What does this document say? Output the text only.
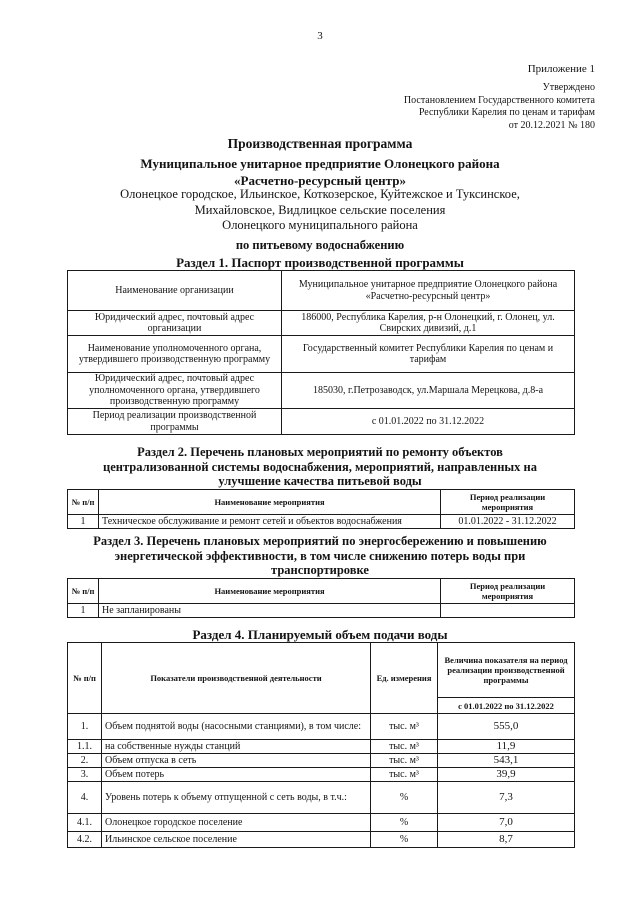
3
Приложение 1
Утверждено
Постановлением Государственного комитета
Республики Карелия по ценам и тарифам
от 20.12.2021 № 180
Производственная программа
Муниципальное унитарное предприятие Олонецкого района
«Расчетно-ресурсный центр»
Олонецкое городское, Ильинское, Коткозерское, Куйтежское и Туксинское,
Михайловское, Видлицкое сельские поселения
Олонецкого муниципального района
по питьевому водоснабжению
Раздел 1. Паспорт производственной программы
Наименование организации	Муниципальное унитарное предприятие Олонецкого района «Расчетно-ресурсный центр»
Юридический адрес, почтовый адрес организации	186000, Республика Карелия, р-н Олонецкий, г. Олонец, ул. Свирских дивизий, д.1
Наименование уполномоченного органа, утвердившего производственную программу	Государственный комитет Республики Карелия по ценам и тарифам
Юридический адрес, почтовый адрес уполномоченного органа, утвердившего производственную программу	185030, г.Петрозаводск, ул.Маршала Мерецкова, д.8-а
Период реализации производственной программы	с 01.01.2022 по 31.12.2022
Раздел 2. Перечень плановых мероприятий по ремонту объектов
централизованной системы водоснабжения, мероприятий, направленных на
улучшение качества питьевой воды
№ п/п	Наименование мероприятия	Период реализации мероприятия
1	Техническое обслуживание и ремонт сетей и объектов водоснабжения	01.01.2022 - 31.12.2022
Раздел 3. Перечень плановых мероприятий по энергосбережению и повышению
энергетической эффективности, в том числе снижению потерь воды при
транспортировке
№ п/п	Наименование мероприятия	Период реализации мероприятия
1	Не запланированы	
Раздел 4. Планируемый объем подачи воды
№ п/п	Показатели производственной деятельности	Ед. измерения	Величина показателя на период реализации производственной программы
			с 01.01.2022 по 31.12.2022
1.	Объем поднятой воды (насосными станциями), в том числе:	тыс. м³	555,0
1.1.	на собственные нужды станций	тыс. м³	11,9
2.	Объем отпуска в сеть	тыс. м³	543,1
3.	Объем потерь	тыс. м³	39,9
4.	Уровень потерь к объему отпущенной с сеть воды, в т.ч.:	%	7,3
4.1.	Олонецкое городское поселение	%	7,0
4.2.	Ильинское сельское поселение	%	8,7
